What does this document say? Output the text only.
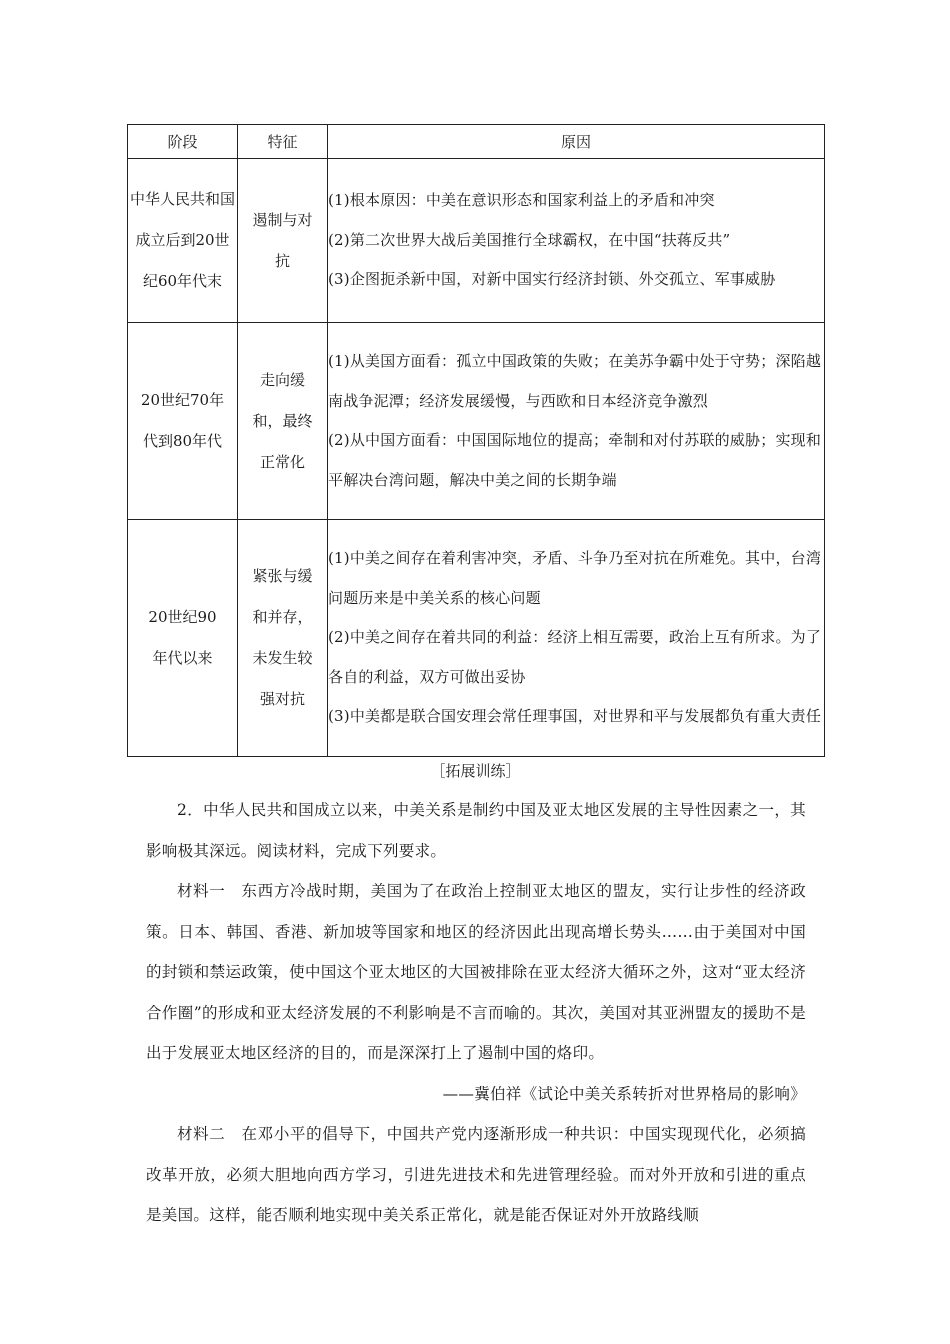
阶段	特征	原因
中华人民共和国成立后到20世纪60年代末	遏制与对抗	(1)根本原因：中美在意识形态和国家利益上的矛盾和冲突

(2)第二次世界大战后美国推行全球霸权，在中国“扶蒋反共”

(3)企图扼杀新中国，对新中国实行经济封锁、外交孤立、军事威胁

20世纪70年代到80年代	走向缓和，最终正常化	(1)从美国方面看：孤立中国政策的失败；在美苏争霸中处于守势；深陷越南战争泥潭；经济发展缓慢，与西欧和日本经济竞争激烈

(2)从中国方面看：中国国际地位的提高；牵制和对付苏联的威胁；实现和平解决台湾问题，解决中美之间的长期争端

20世纪90年代以来	紧张与缓和并存，未发生较强对抗	(1)中美之间存在着利害冲突，矛盾、斗争乃至对抗在所难免。其中，台湾问题历来是中美关系的核心问题

(2)中美之间存在着共同的利益：经济上相互需要，政治上互有所求。为了各自的利益，双方可做出妥协

(3)中美都是联合国安理会常任理事国，对世界和平与发展都负有重大责任

［拓展训练］

2．中华人民共和国成立以来，中美关系是制约中国及亚太地区发展的主导性因素之一，其影响极其深远。阅读材料，完成下列要求。

材料一　东西方冷战时期，美国为了在政治上控制亚太地区的盟友，实行让步性的经济政策。日本、韩国、香港、新加坡等国家和地区的经济因此出现高增长势头……由于美国对中国的封锁和禁运政策，使中国这个亚太地区的大国被排除在亚太经济大循环之外，这对“亚太经济合作圈”的形成和亚太经济发展的不利影响是不言而喻的。其次，美国对其亚洲盟友的援助不是出于发展亚太地区经济的目的，而是深深打上了遏制中国的烙印。

——冀伯祥《试论中美关系转折对世界格局的影响》

材料二　在邓小平的倡导下，中国共产党内逐渐形成一种共识：中国实现现代化，必须搞改革开放，必须大胆地向西方学习，引进先进技术和先进管理经验。而对外开放和引进的重点是美国。这样，能否顺利地实现中美关系正常化，就是能否保证对外开放路线顺
